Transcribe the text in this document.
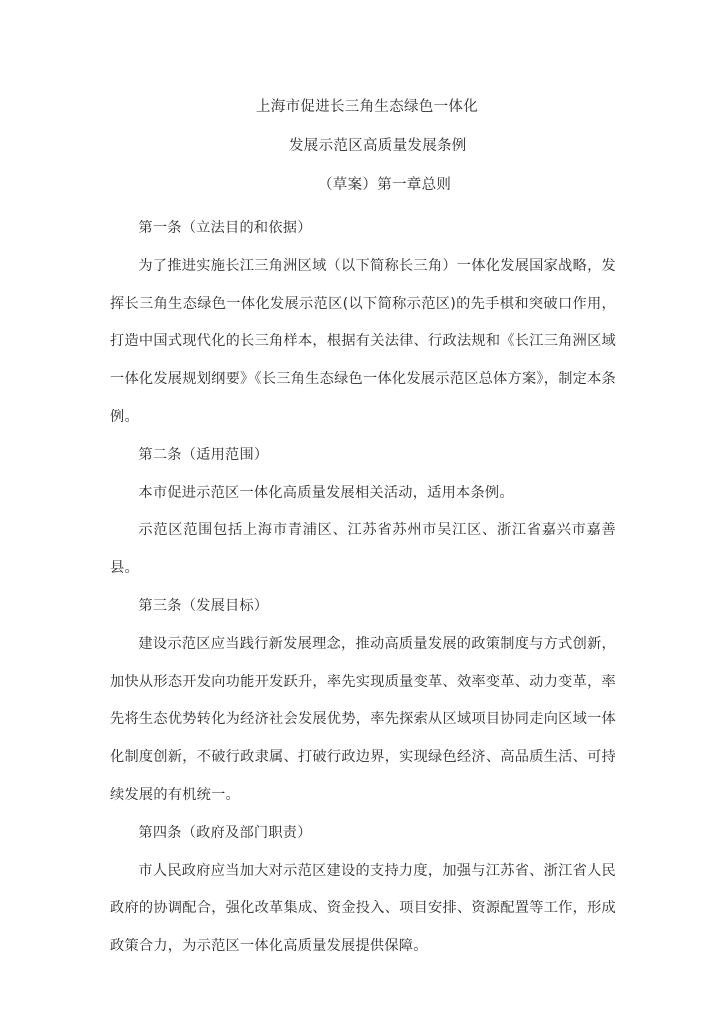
上海市促进长三角生态绿色一体化
发展示范区高质量发展条例
（草案）第一章总则

第一条（立法目的和依据）

为了推进实施长江三角洲区域（以下简称长三角）一体化发展国家战略，发挥长三角生态绿色一体化发展示范区(以下简称示范区)的先手棋和突破口作用，打造中国式现代化的长三角样本，根据有关法律、行政法规和《长江三角洲区域一体化发展规划纲要》《长三角生态绿色一体化发展示范区总体方案》，制定本条例。

第二条（适用范围）

本市促进示范区一体化高质量发展相关活动，适用本条例。

示范区范围包括上海市青浦区、江苏省苏州市吴江区、浙江省嘉兴市嘉善县。

第三条（发展目标）

建设示范区应当践行新发展理念，推动高质量发展的政策制度与方式创新，加快从形态开发向功能开发跃升，率先实现质量变革、效率变革、动力变革，率先将生态优势转化为经济社会发展优势，率先探索从区域项目协同走向区域一体化制度创新，不破行政隶属、打破行政边界，实现绿色经济、高品质生活、可持续发展的有机统一。

第四条（政府及部门职责）

市人民政府应当加大对示范区建设的支持力度，加强与江苏省、浙江省人民政府的协调配合，强化改革集成、资金投入、项目安排、资源配置等工作，形成政策合力，为示范区一体化高质量发展提供保障。
